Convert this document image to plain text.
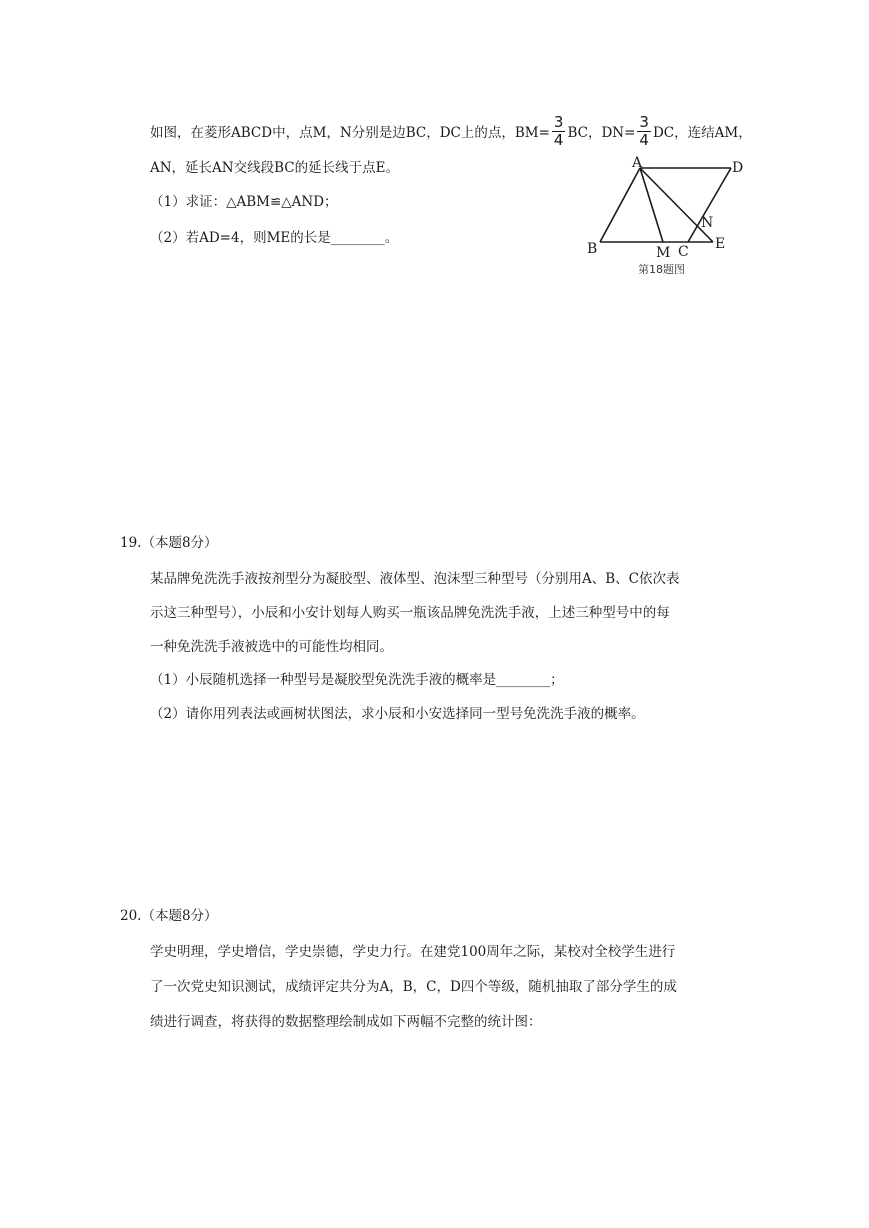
如图，在菱形ABCD中，点M，N分别是边BC，DC上的点，$BM= \frac{3}{4}$ BC，$DN= \frac{3}{4}$ DC，连结AM，
AN，延长AN交线段BC的延长线于点E。
（1）求证：△ABM≌△AND；
（2）若AD=4，则ME的长是________。
A	D
B	M C
N
E
第18题图
19.（本题8分）
某品牌免洗洗手液按剂型分为凝胶型、液体型、泡沫型三种型号（分别用A、B、C依次表
示这三种型号），小辰和小安计划每人购买一瓶该品牌免洗洗手液，上述三种型号中的每
一种免洗洗手液被选中的可能性均相同。
（1）小辰随机选择一种型号是凝胶型免洗洗手液的概率是________；
（2）请你用列表法或画树状图法，求小辰和小安选择同一型号免洗洗手液的概率。
20.（本题8分）
学史明理，学史增信，学史崇德，学史力行。在建党100周年之际，某校对全校学生进行
了一次党史知识测试，成绩评定共分为A，B，C，D四个等级，随机抽取了部分学生的成
绩进行调查，将获得的数据整理绘制成如下两幅不完整的统计图：
